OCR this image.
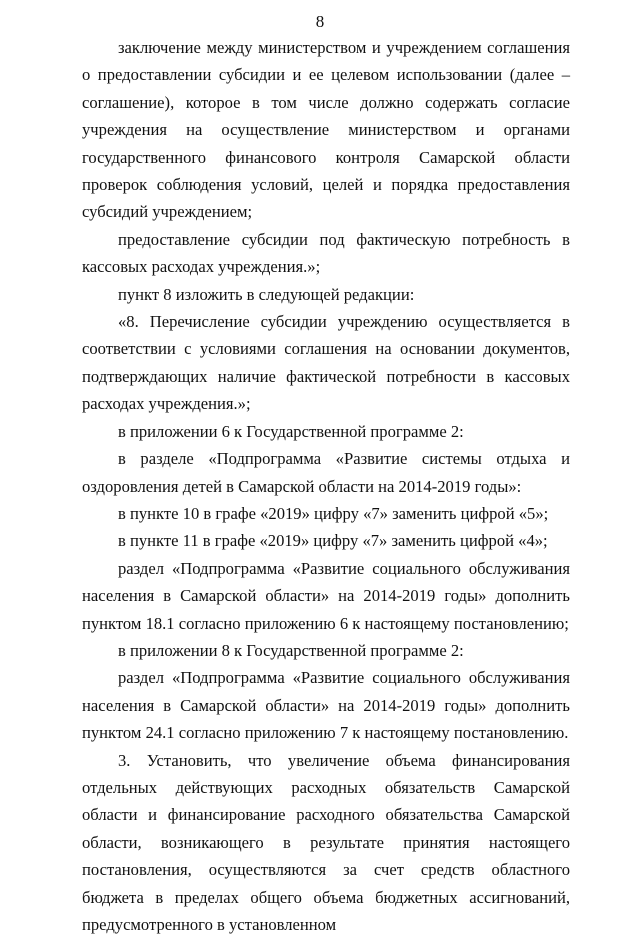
8

заключение между министерством и учреждением соглашения о предоставлении субсидии и ее целевом использовании (далее – соглашение), которое в том числе должно содержать согласие учреждения на осуществление министерством и органами государственного финансового контроля Самарской области проверок соблюдения условий, целей и порядка предоставления субсидий учреждением;

предоставление субсидии под фактическую потребность в кассовых расходах учреждения.»;

пункт 8 изложить в следующей редакции:

«8. Перечисление субсидии учреждению осуществляется в соответствии с условиями соглашения на основании документов, подтверждающих наличие фактической потребности в кассовых расходах учреждения.»;

в приложении 6 к Государственной программе 2:

в разделе «Подпрограмма «Развитие системы отдыха и оздоровления детей в Самарской области на 2014-2019 годы»:

в пункте 10 в графе «2019» цифру «7» заменить цифрой «5»;

в пункте 11 в графе «2019» цифру «7» заменить цифрой «4»;

раздел «Подпрограмма «Развитие социального обслуживания населения в Самарской области» на 2014-2019 годы» дополнить пунктом 18.1 согласно приложению 6 к настоящему постановлению;

в приложении 8 к Государственной программе 2:

раздел «Подпрограмма «Развитие социального обслуживания населения в Самарской области» на 2014-2019 годы» дополнить пунктом 24.1 согласно приложению 7 к настоящему постановлению.

3. Установить, что увеличение объема финансирования отдельных действующих расходных обязательств Самарской области и финансирование расходного обязательства Самарской области, возникающего в результате принятия настоящего постановления, осуществляются за счет средств областного бюджета в пределах общего объема бюджетных ассигнований, предусмотренного в установленном
